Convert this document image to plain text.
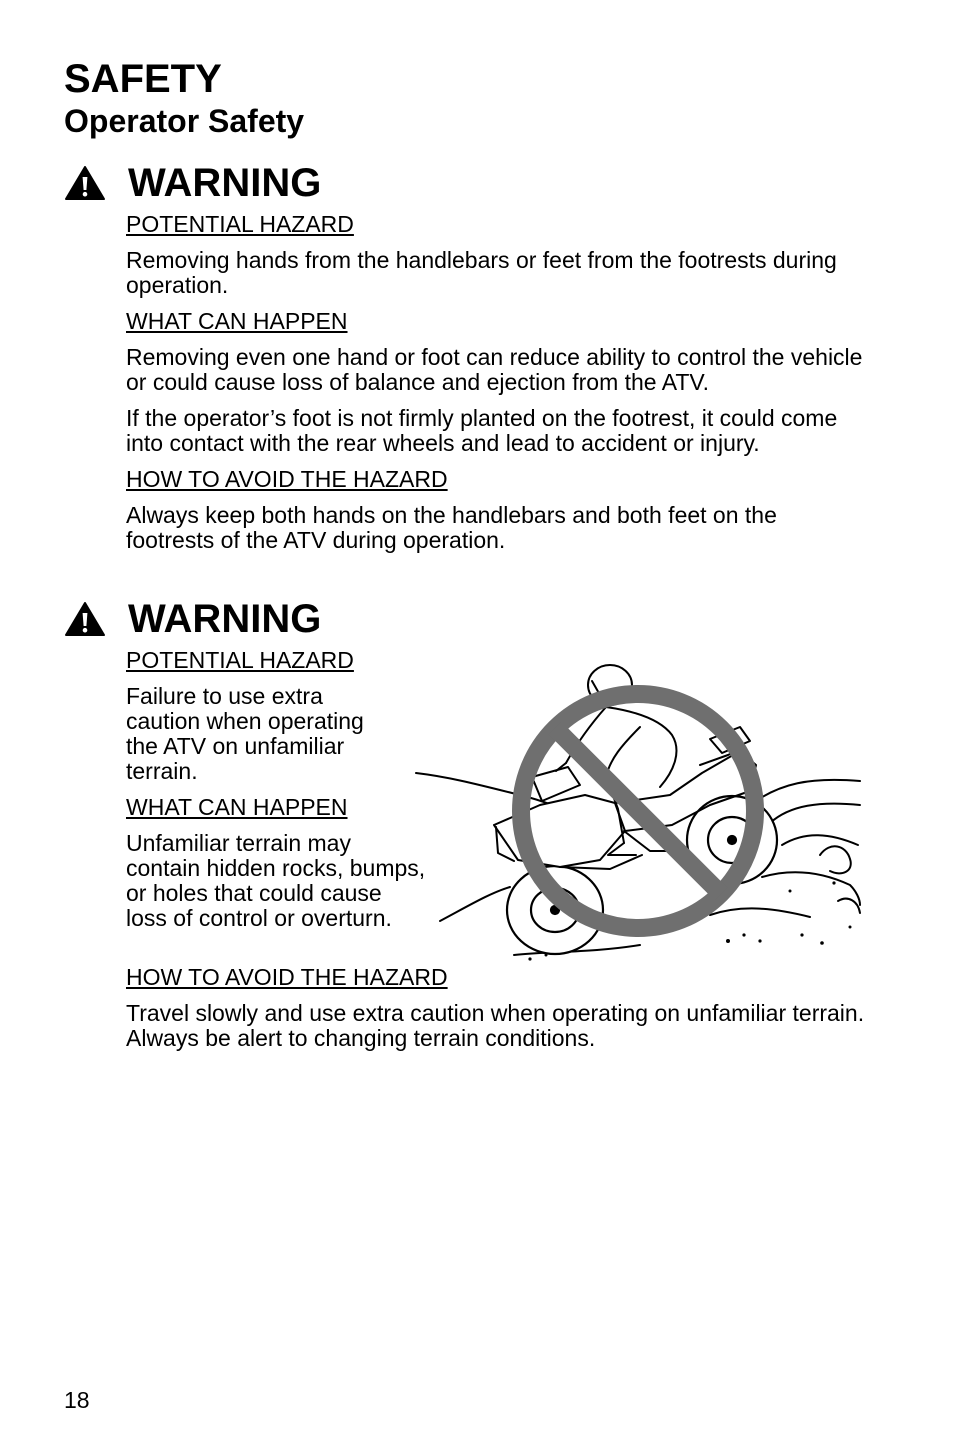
SAFETY
Operator Safety
WARNING
POTENTIAL HAZARD
Removing hands from the handlebars or feet from the footrests during operation.
WHAT CAN HAPPEN
Removing even one hand or foot can reduce ability to control the vehicle or could cause loss of balance and ejection from the ATV.
If the operator’s foot is not firmly planted on the footrest, it could come into contact with the rear wheels and lead to accident or injury.
HOW TO AVOID THE HAZARD
Always keep both hands on the handlebars and both feet on the footrests of the ATV during operation.
WARNING
POTENTIAL HAZARD
Failure to use extra caution when operating the ATV on unfamiliar terrain.
WHAT CAN HAPPEN
Unfamiliar terrain may contain hidden rocks, bumps, or holes that could cause loss of control or overturn.
HOW TO AVOID THE HAZARD
Travel slowly and use extra caution when operating on unfamiliar terrain. Always be alert to changing terrain conditions.
18
